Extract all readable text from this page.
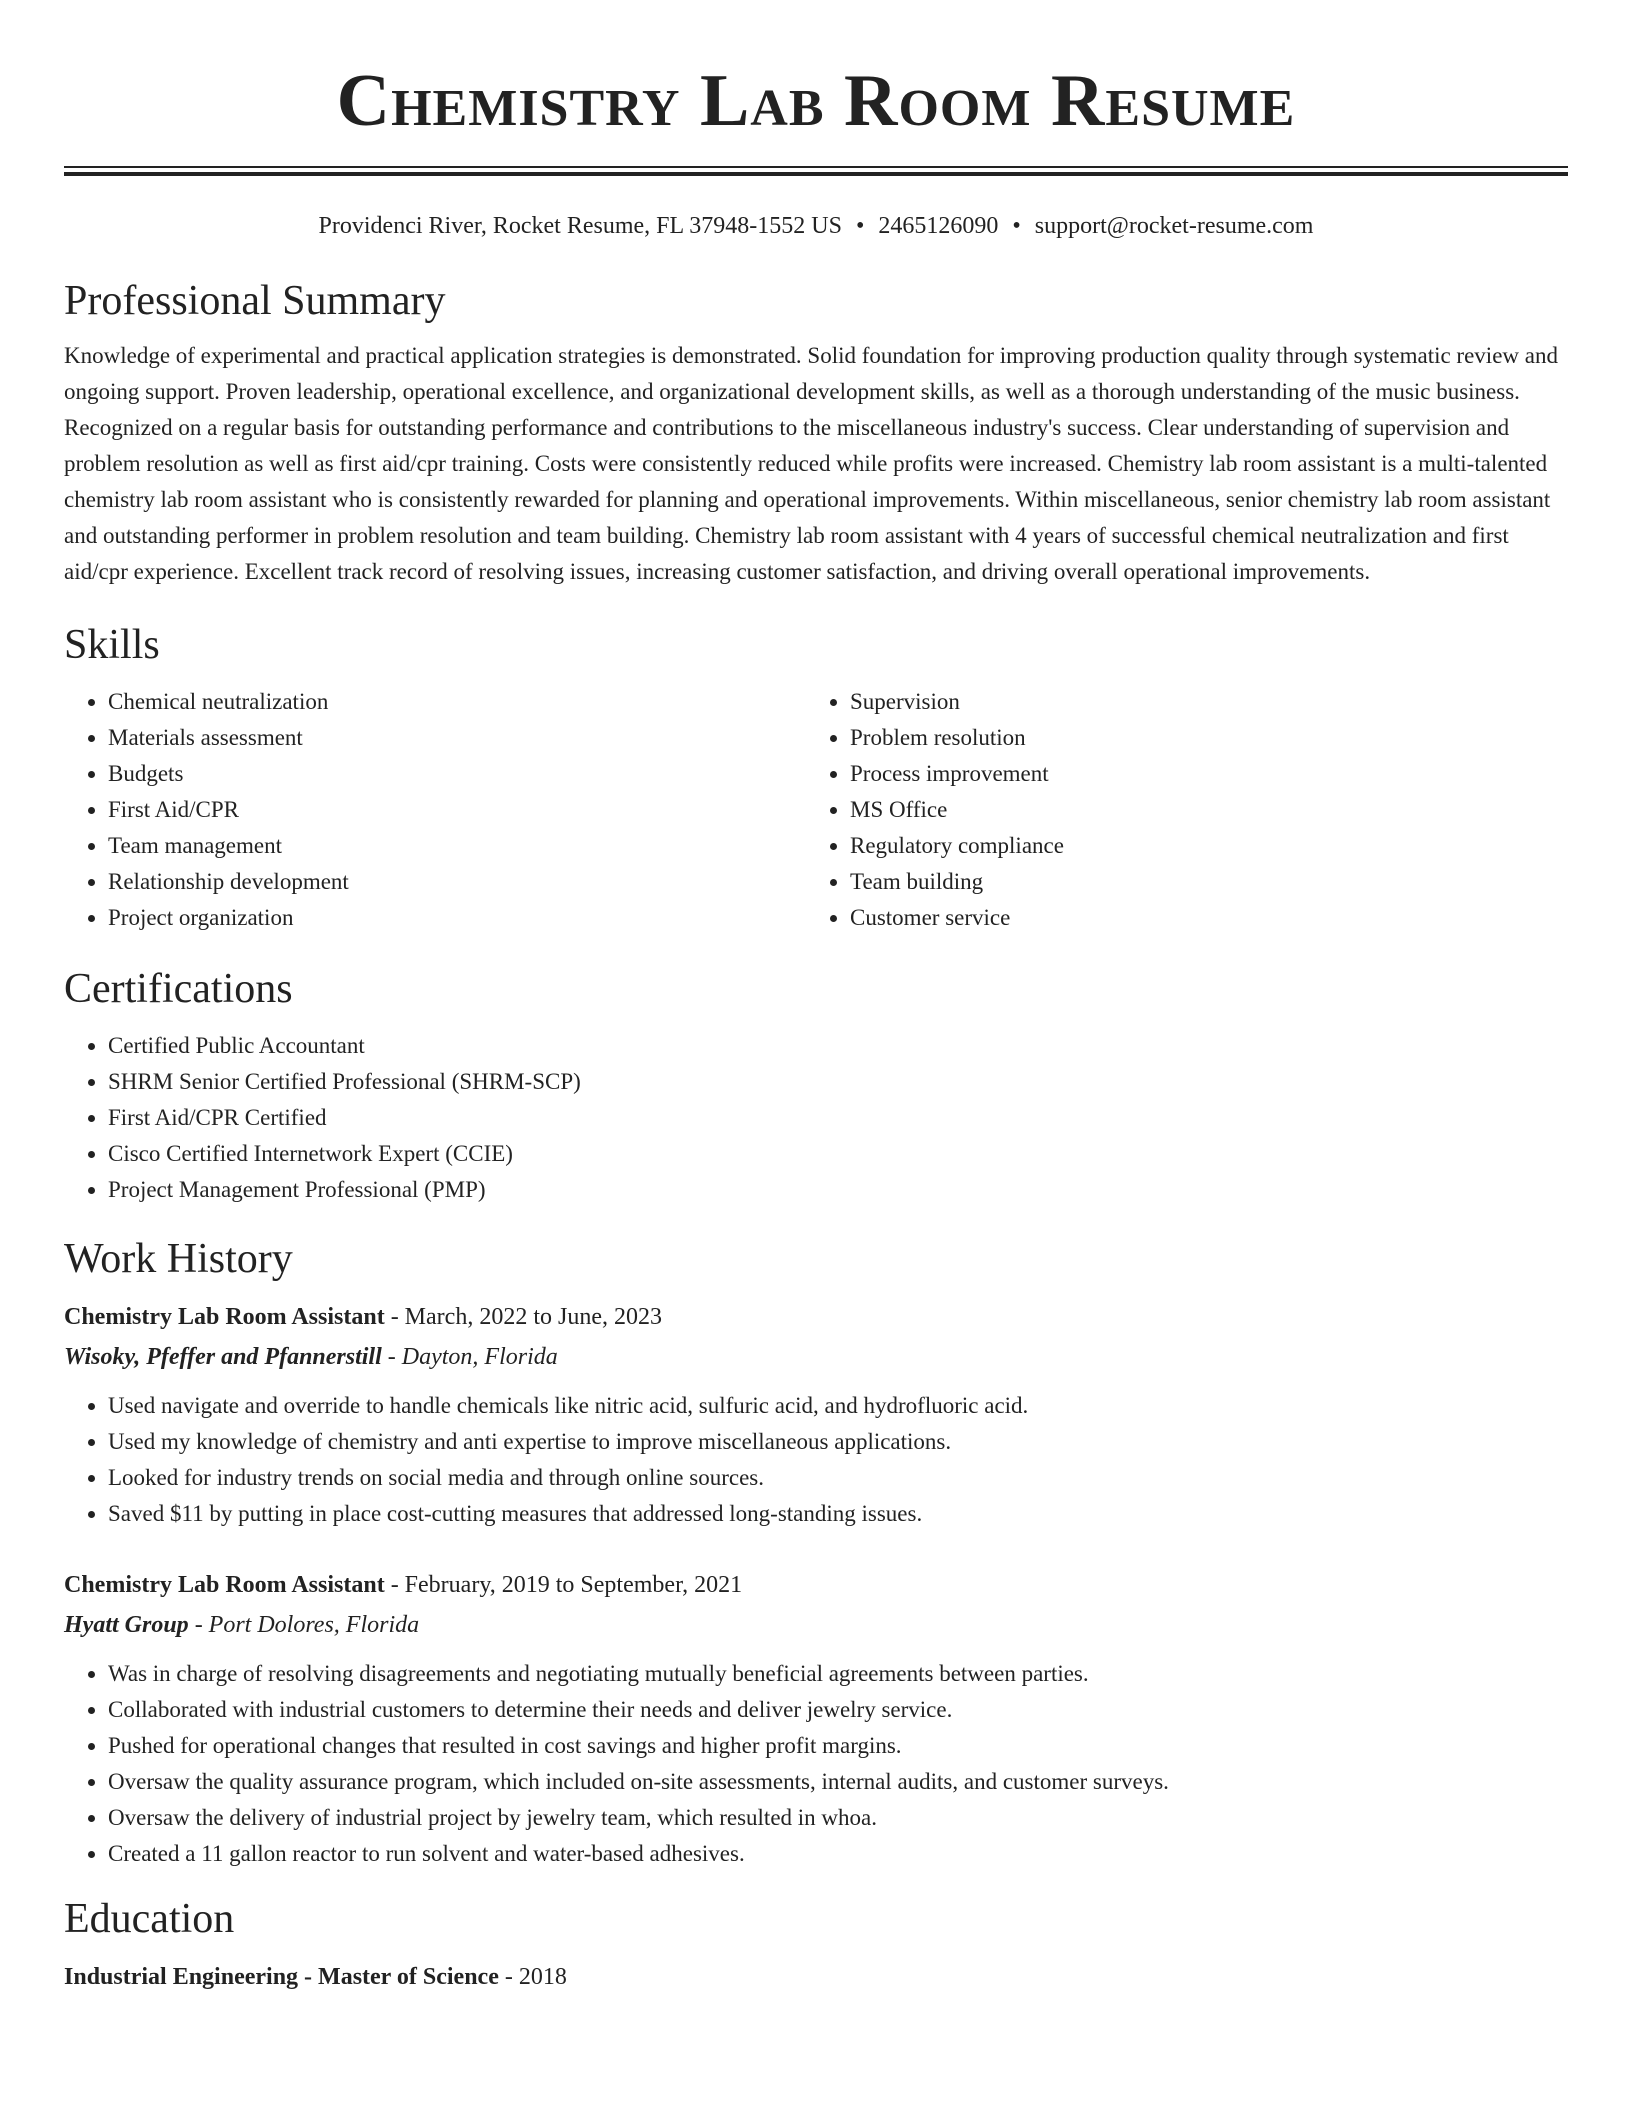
Chemistry Lab Room Resume
Providenci River, Rocket Resume, FL 37948-1552 US • 2465126090 • support@rocket-resume.com
Professional Summary

Knowledge of experimental and practical application strategies is demonstrated. Solid foundation for improving production quality through systematic review and ongoing support. Proven leadership, operational excellence, and organizational development skills, as well as a thorough understanding of the music business. Recognized on a regular basis for outstanding performance and contributions to the miscellaneous industry's success. Clear understanding of supervision and problem resolution as well as first aid/cpr training. Costs were consistently reduced while profits were increased. Chemistry lab room assistant is a multi-talented chemistry lab room assistant who is consistently rewarded for planning and operational improvements. Within miscellaneous, senior chemistry lab room assistant and outstanding performer in problem resolution and team building. Chemistry lab room assistant with 4 years of successful chemical neutralization and first aid/cpr experience. Excellent track record of resolving issues, increasing customer satisfaction, and driving overall operational improvements.

Skills
• Chemical neutralization
• Materials assessment
• Budgets
• First Aid/CPR
• Team management
• Relationship development
• Project organization
• Supervision
• Problem resolution
• Process improvement
• MS Office
• Regulatory compliance
• Team building
• Customer service
Certifications
• Certified Public Accountant
• SHRM Senior Certified Professional (SHRM-SCP)
• First Aid/CPR Certified
• Cisco Certified Internetwork Expert (CCIE)
• Project Management Professional (PMP)
Work History
Chemistry Lab Room Assistant - March, 2022 to June, 2023
Wisoky, Pfeffer and Pfannerstill - Dayton, Florida
• Used navigate and override to handle chemicals like nitric acid, sulfuric acid, and hydrofluoric acid.
• Used my knowledge of chemistry and anti expertise to improve miscellaneous applications.
• Looked for industry trends on social media and through online sources.
• Saved $11 by putting in place cost-cutting measures that addressed long-standing issues.
Chemistry Lab Room Assistant - February, 2019 to September, 2021
Hyatt Group - Port Dolores, Florida
• Was in charge of resolving disagreements and negotiating mutually beneficial agreements between parties.
• Collaborated with industrial customers to determine their needs and deliver jewelry service.
• Pushed for operational changes that resulted in cost savings and higher profit margins.
• Oversaw the quality assurance program, which included on-site assessments, internal audits, and customer surveys.
• Oversaw the delivery of industrial project by jewelry team, which resulted in whoa.
• Created a 11 gallon reactor to run solvent and water-based adhesives.
Education
Industrial Engineering - Master of Science - 2018
